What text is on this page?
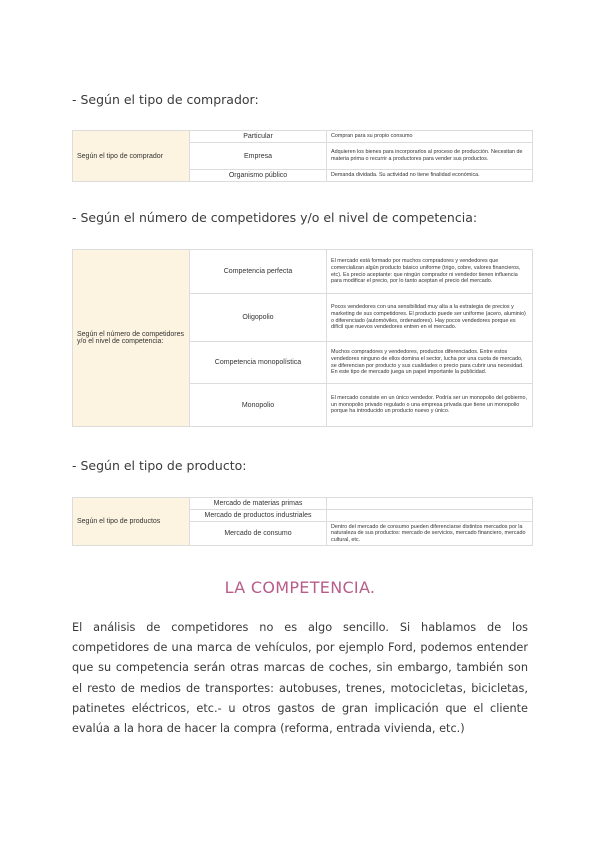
- Según el tipo de comprador:
Según el tipo de comprador	Particular	Compran para su propio consumo
	Empresa	Adquieren los bienes para incorporarlos al proceso de producción. Necesitan de materia prima o recurrir a productores para vender sus productos.
	Organismo público	Demanda dividada. Su actividad no tiene finalidad económica.
- Según el número de competidores y/o el nivel de competencia:
Según el número de competidores y/o el nivel de competencia:	Competencia perfecta	El mercado está formado por muchos compradores y vendedores que comercializan algún producto básico uniforme (trigo, cobre, valores financieros, etc). Es precio aceptante: que ningún comprador ni vendedor tienen influencia para modificar el precio, por lo tanto aceptan el precio del mercado.
	Oligopolio	Pocos vendedores con una sensibilidad muy alta a la estrategia de precios y marketing de sus competidores. El producto puede ser uniforme (acero, aluminio) o diferenciado (automóviles, ordenadores). Hay pocos vendedores porque es difícil que nuevos vendedores entren en el mercado.
	Competencia monopolística	Muchos compradores y vendedores, productos diferenciados. Entre estos vendedores ninguno de ellos domina el sector, lucha por una cuota de mercado, se diferencian por producto y sus cualidades o precio para cubrir una necesidad. En este tipo de mercado juega un papel importante la publicidad.
	Monopolio	El mercado consiste en un único vendedor. Podría ser un monopolio del gobierno, un monopolio privado regulado o una empresa privada que tiene un monopolio porque ha introducido un producto nuevo y único.
- Según el tipo de producto:
Según el tipo de productos	Mercado de materias primas	
	Mercado de productos industriales	
	Mercado de consumo	Dentro del mercado de consumo pueden diferenciarse distintos mercados por la naturaleza de sus productos: mercado de servicios, mercado financiero, mercado cultural, etc.
LA COMPETENCIA.
El análisis de competidores no es algo sencillo. Si hablamos de los competidores de una marca de vehículos, por ejemplo Ford, podemos entender que su competencia serán otras marcas de coches, sin embargo, también son el resto de medios de transportes: autobuses, trenes, motocicletas, bicicletas, patinetes eléctricos, etc.- u otros gastos de gran implicación que el cliente evalúa a la hora de hacer la compra (reforma, entrada vivienda, etc.)
